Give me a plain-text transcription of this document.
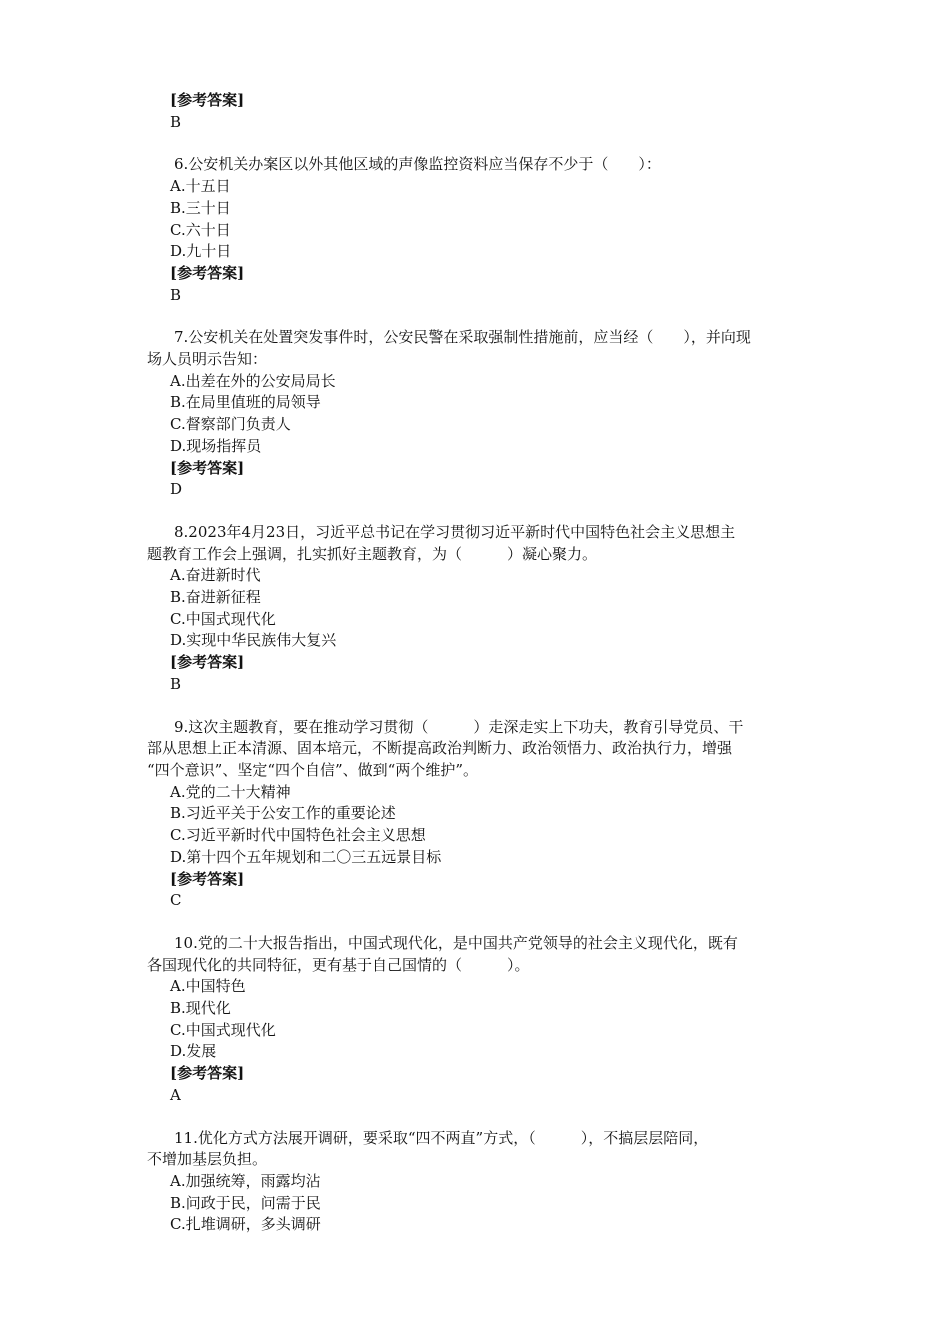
[参考答案]

B

6.公安机关办案区以外其他区域的声像监控资料应当保存不少于（　　）：

A.十五日

B.三十日

C.六十日

D.九十日

[参考答案]

B

7.公安机关在处置突发事件时，公安民警在采取强制性措施前，应当经（　　），并向现

场人员明示告知：

A.出差在外的公安局局长

B.在局里值班的局领导

C.督察部门负责人

D.现场指挥员

[参考答案]

D

8.2023年4月23日，习近平总书记在学习贯彻习近平新时代中国特色社会主义思想主

题教育工作会上强调，扎实抓好主题教育，为（　　　）凝心聚力。

A.奋进新时代

B.奋进新征程

C.中国式现代化

D.实现中华民族伟大复兴

[参考答案]

B

9.这次主题教育，要在推动学习贯彻（　　　）走深走实上下功夫，教育引导党员、干

部从思想上正本清源、固本培元，不断提高政治判断力、政治领悟力、政治执行力，增强

“四个意识”、坚定“四个自信”、做到“两个维护”。

A.党的二十大精神

B.习近平关于公安工作的重要论述

C.习近平新时代中国特色社会主义思想

D.第十四个五年规划和二〇三五远景目标

[参考答案]

C

10.党的二十大报告指出，中国式现代化，是中国共产党领导的社会主义现代化，既有

各国现代化的共同特征，更有基于自己国情的（　　　）。

A.中国特色

B.现代化

C.中国式现代化

D.发展

[参考答案]

A

11.优化方式方法展开调研，要采取“四不两直”方式，（　　　），不搞层层陪同，

不增加基层负担。

A.加强统筹，雨露均沾

B.问政于民，问需于民

C.扎堆调研，多头调研
